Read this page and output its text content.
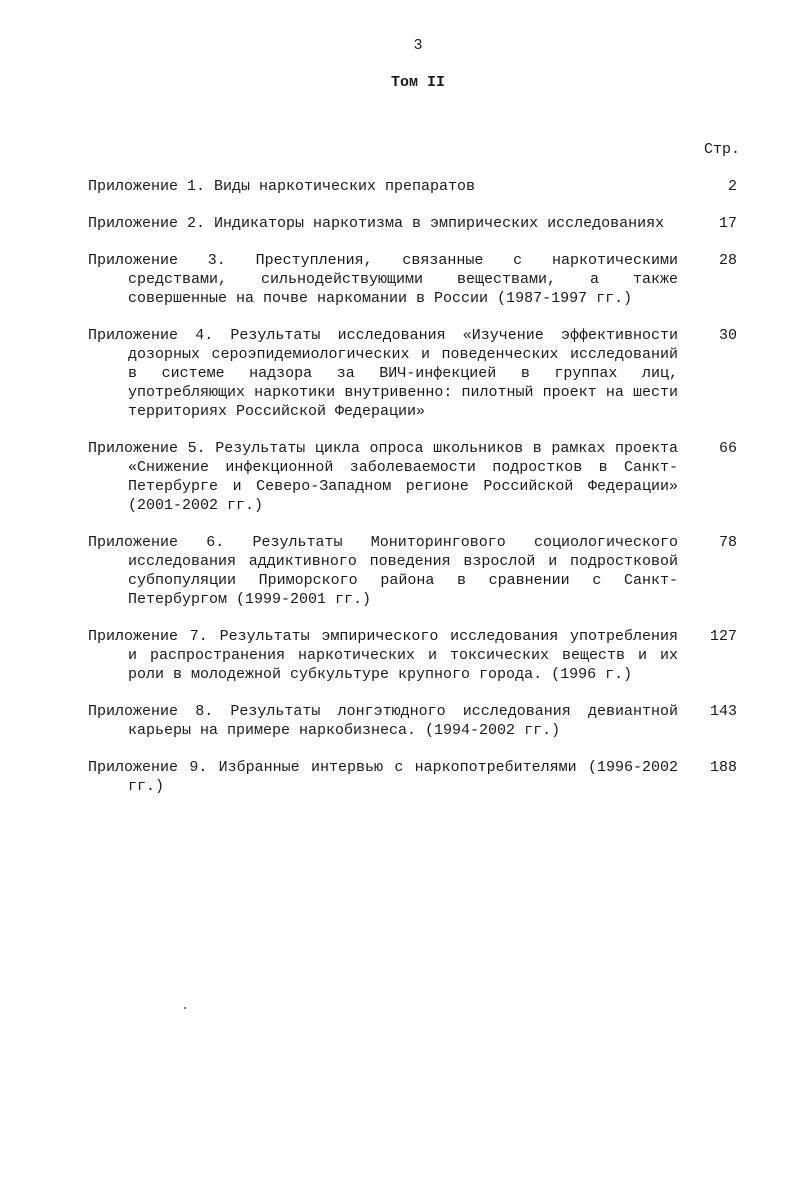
3
Том II
Стр.
Приложение 1. Виды наркотических препаратов	2
Приложение 2. Индикаторы наркотизма в эмпирических исследованиях	17
Приложение 3. Преступления, связанные с наркотическими средствами, сильнодействующими веществами, а также совершенные на почве наркомании в России (1987-1997 гг.)
28
Приложение 4. Результаты исследования «Изучение эффективности дозорных сероэпидемиологических и поведенческих исследований в системе надзора за ВИЧ-инфекцией в группах лиц, употребляющих наркотики внутривенно: пилотный проект на шести территориях Российской Федерации»
30
Приложение 5. Результаты цикла опроса школьников в рамках проекта «Снижение инфекционной заболеваемости подростков в Санкт-Петербурге и Северо-Западном регионе Российской Федерации» (2001-2002 гг.)
66
Приложение 6. Результаты Мониторингового социологического исследования аддиктивного поведения взрослой и подростковой субпопуляции Приморского района в сравнении с Санкт-Петербургом (1999-2001 гг.)
78
Приложение 7. Результаты эмпирического исследования употребления и распространения наркотических и токсических веществ и их роли в молодежной субкультуре крупного города. (1996 г.)
127
Приложение 8. Результаты лонгэтюдного исследования девиантной карьеры на примере наркобизнеса. (1994-2002 гг.)
143
Приложение 9. Избранные интервью с наркопотребителями (1996-2002 гг.)
188
